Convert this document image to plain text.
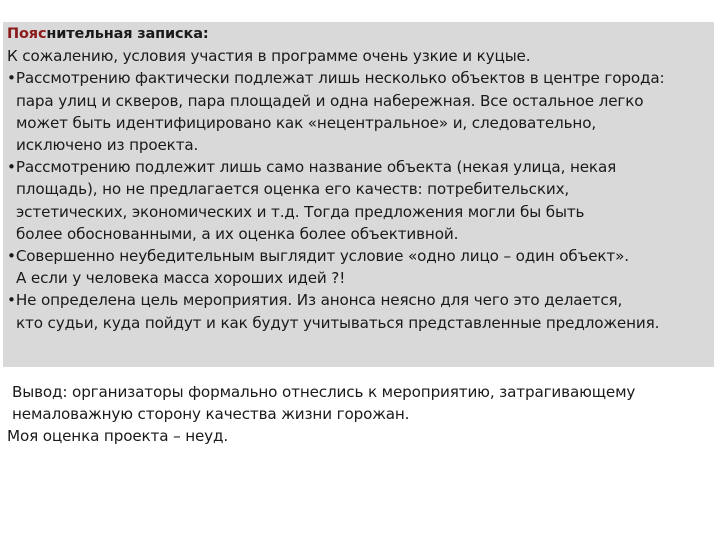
Пояснительная записка:
К сожалению, условия участия в программе очень узкие и куцые.
•Рассмотрению фактически подлежат лишь несколько объектов в центре города:
пара улиц и скверов, пара площадей и одна набережная. Все остальное легко
может быть идентифицировано как «нецентральное» и, следовательно,
исключено из проекта.
•Рассмотрению подлежит лишь само название объекта (некая улица, некая
площадь), но не предлагается оценка его качеств: потребительских,
эстетических, экономических и т.д. Тогда предложения могли бы быть
более обоснованными, а их оценка более объективной.
•Совершенно неубедительным выглядит условие «одно лицо – один объект».
А если у человека масса хороших идей ?!
•Не определена цель мероприятия. Из анонса неясно для чего это делается,
кто судьи, куда пойдут и как будут учитываться представленные предложения.
Вывод: организаторы формально отнеслись к мероприятию, затрагивающему
немаловажную сторону качества жизни горожан.
Моя оценка проекта – неуд.
